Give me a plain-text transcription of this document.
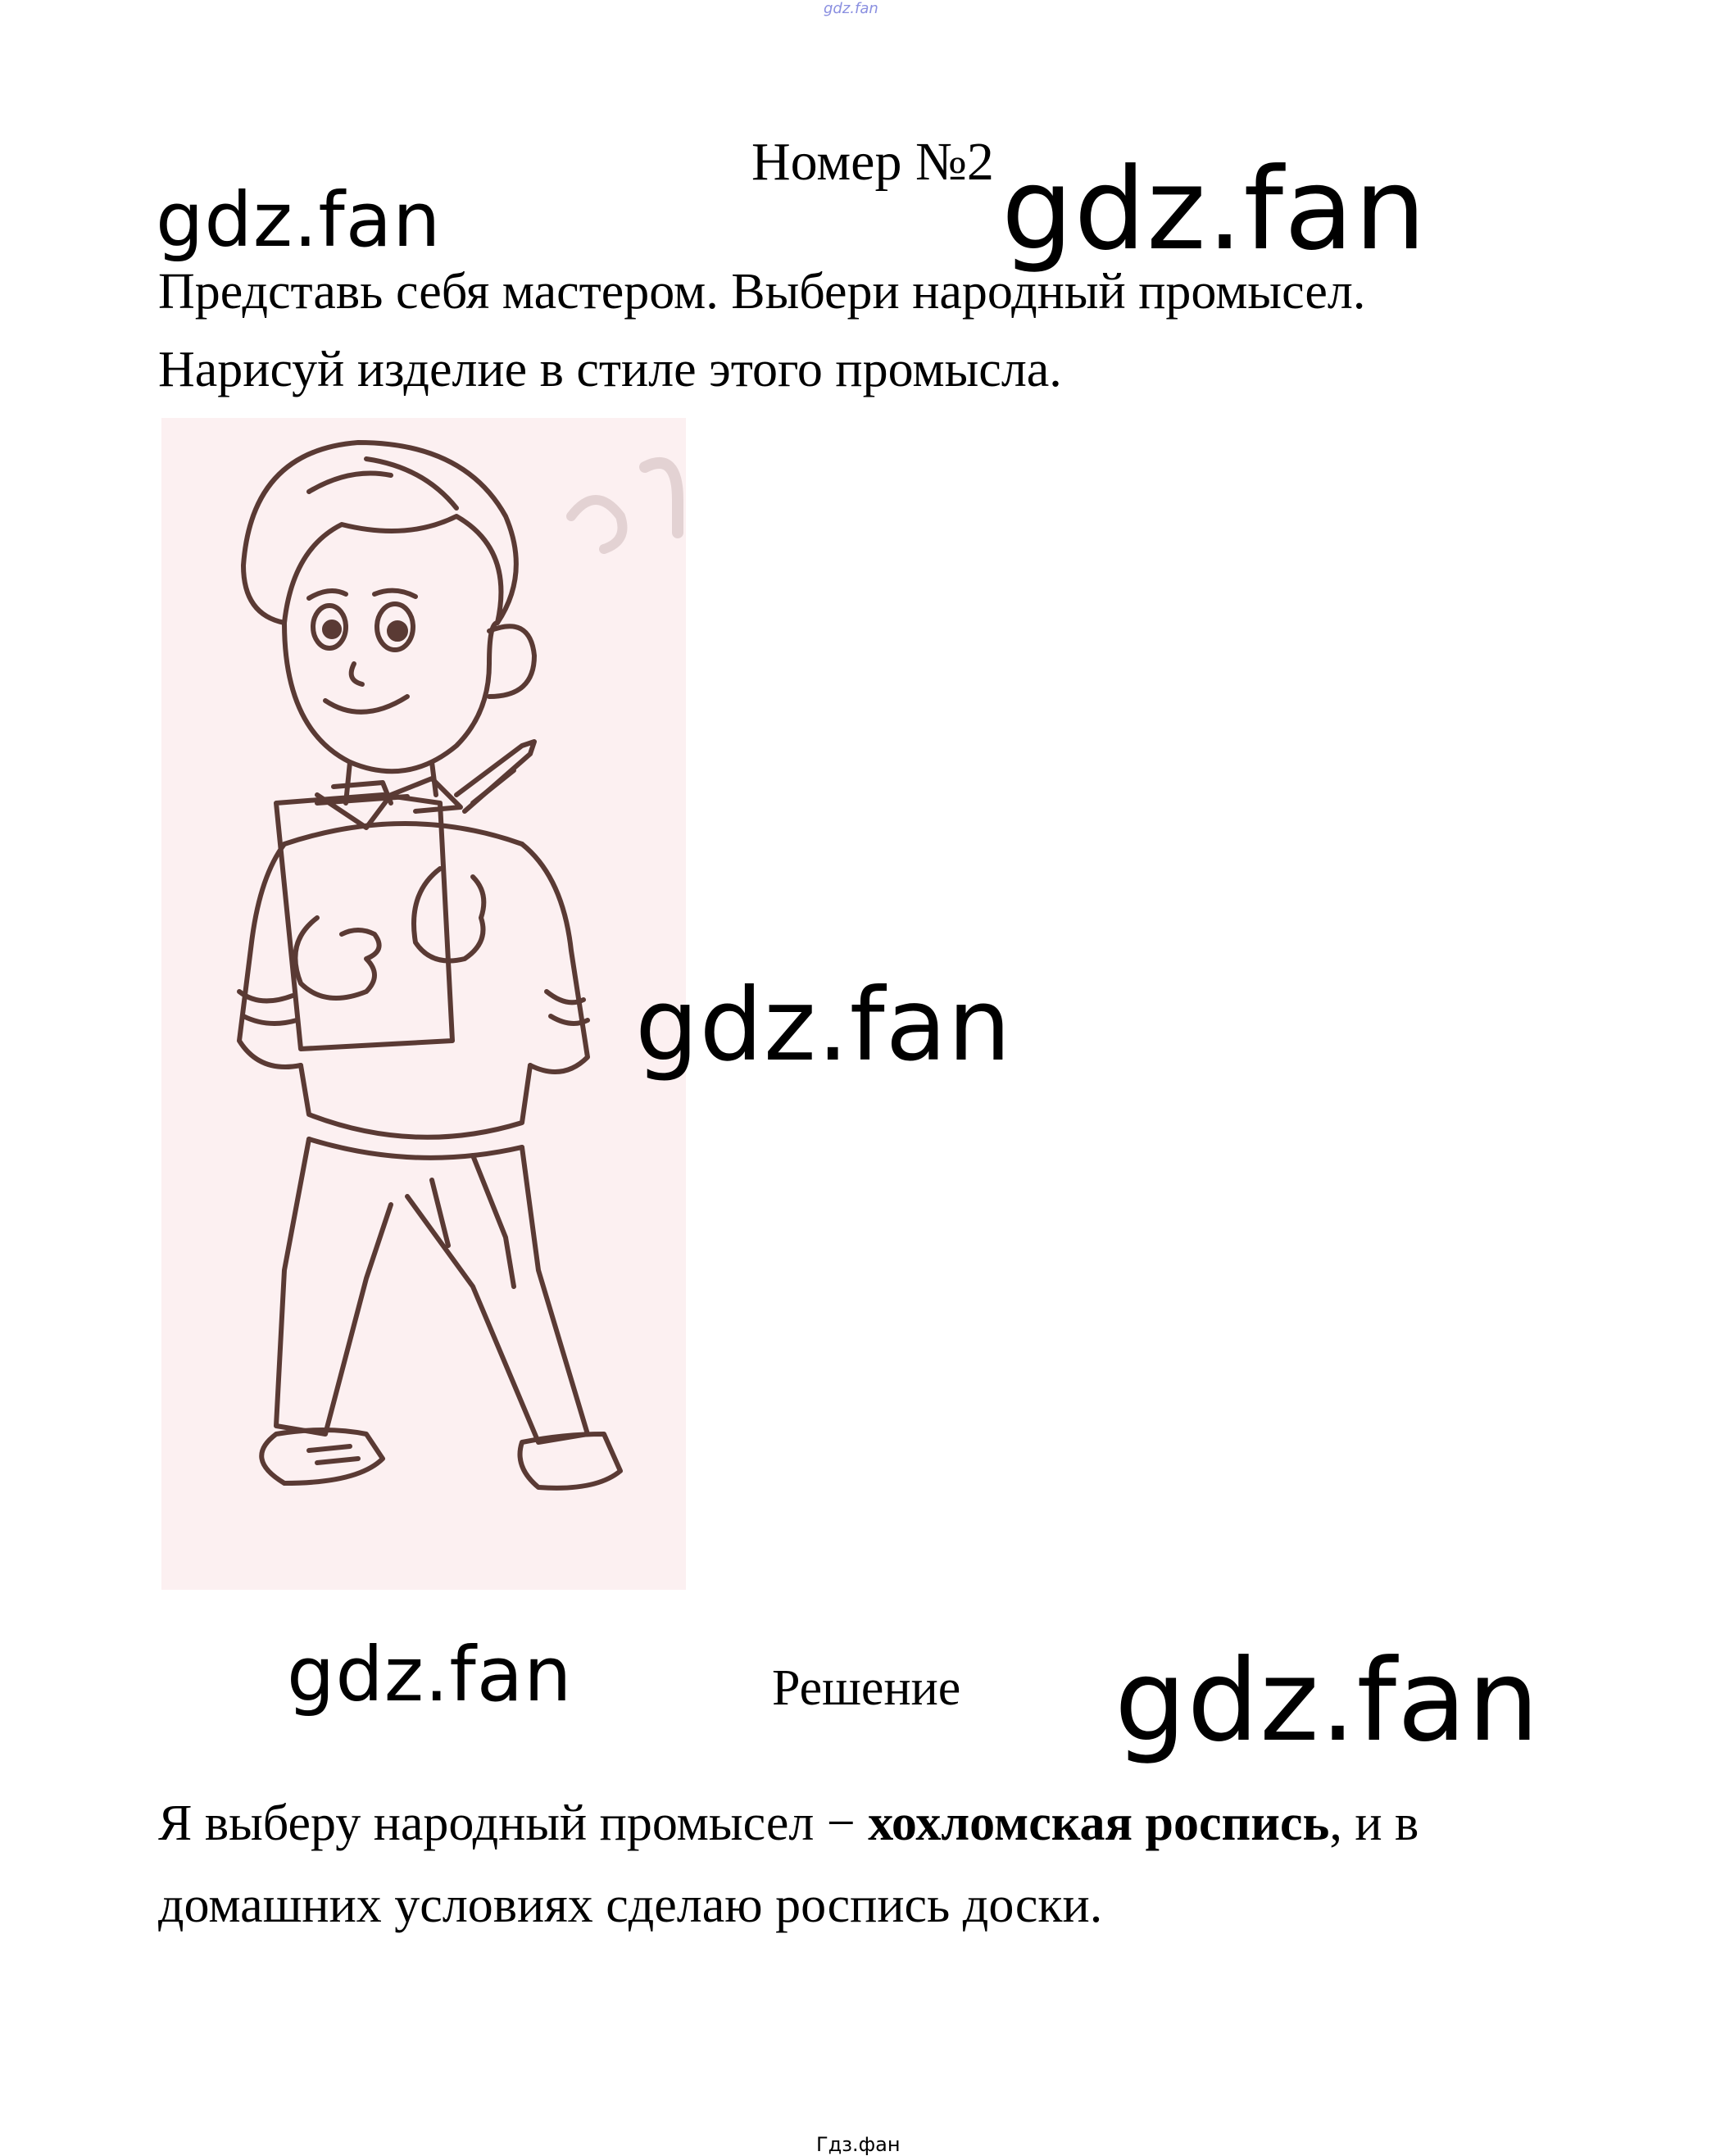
gdz.fan
Номер №2
gdz.fan	gdz.fan
Представь себя мастером. Выбери народный промысел.
Нарисуй изделие в стиле этого промысла.
gdz.fan
gdz.fan	Решение gdz.fan
Я выберу народный промысел − хохломская роспись, и в
домашних условиях сделаю роспись доски.
Гдз.фан
